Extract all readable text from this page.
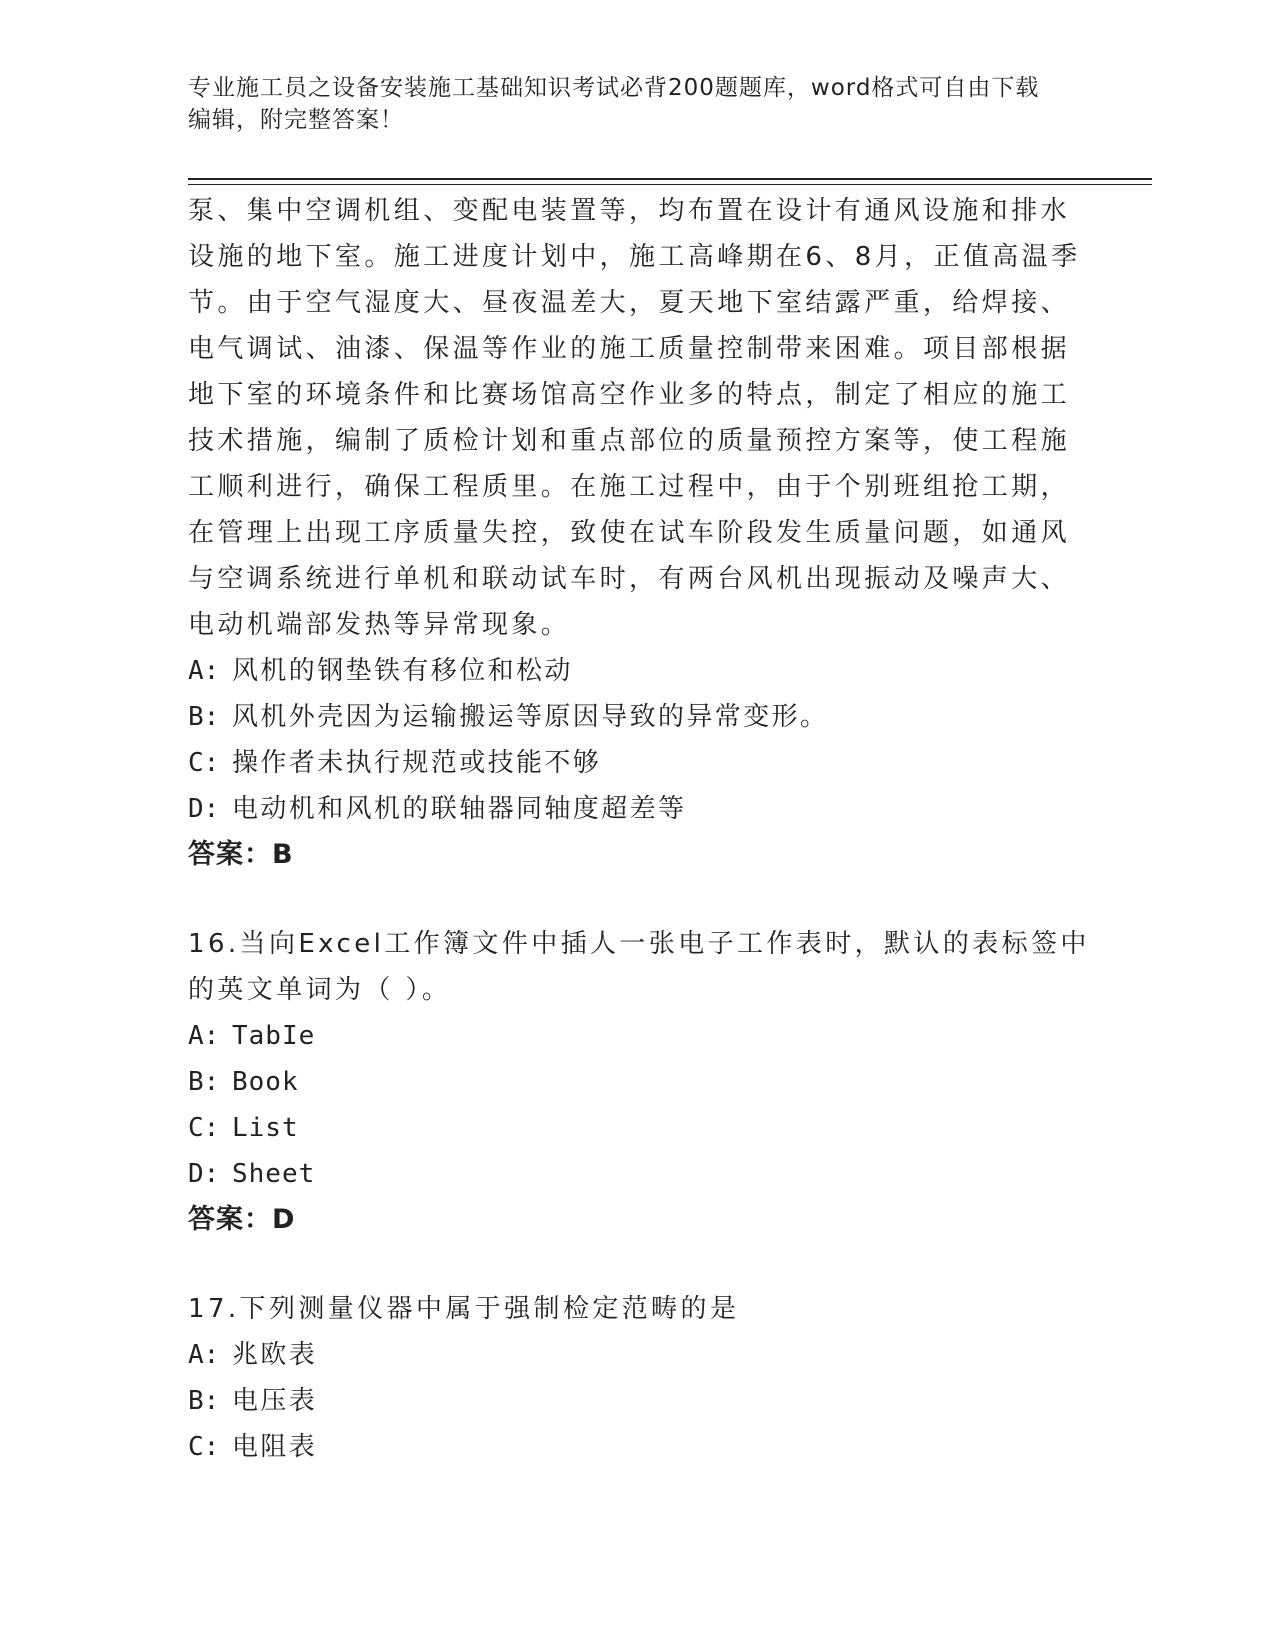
专业施工员之设备安装施工基础知识考试必背200题题库，word格式可自由下载
编辑，附完整答案！
泵、集中空调机组、变配电装置等，均布置在设计有通风设施和排水
设施的地下室。施工进度计划中，施工高峰期在6、8月，正值高温季
节。由于空气湿度大、昼夜温差大，夏天地下室结露严重，给焊接、
电气调试、油漆、保温等作业的施工质量控制带来困难。项目部根据
地下室的环境条件和比赛场馆高空作业多的特点，制定了相应的施工
技术措施，编制了质检计划和重点部位的质量预控方案等，使工程施
工顺利进行，确保工程质里。在施工过程中，由于个别班组抢工期，
在管理上出现工序质量失控，致使在试车阶段发生质量问题，如通风
与空调系统进行单机和联动试车时，有两台风机出现振动及噪声大、
电动机端部发热等异常现象。
A: 风机的钢垫铁有移位和松动
B: 风机外壳因为运输搬运等原因导致的异常变形。
C: 操作者未执行规范或技能不够
D: 电动机和风机的联轴器同轴度超差等
答案：B
16.当向Excel工作簿文件中插人一张电子工作表时，默认的表标签中
的英文单词为（ ）。
A: TabIe
B: Book
C: List
D: Sheet
答案：D
17.下列测量仪器中属于强制检定范畴的是
A: 兆欧表
B: 电压表
C: 电阻表
